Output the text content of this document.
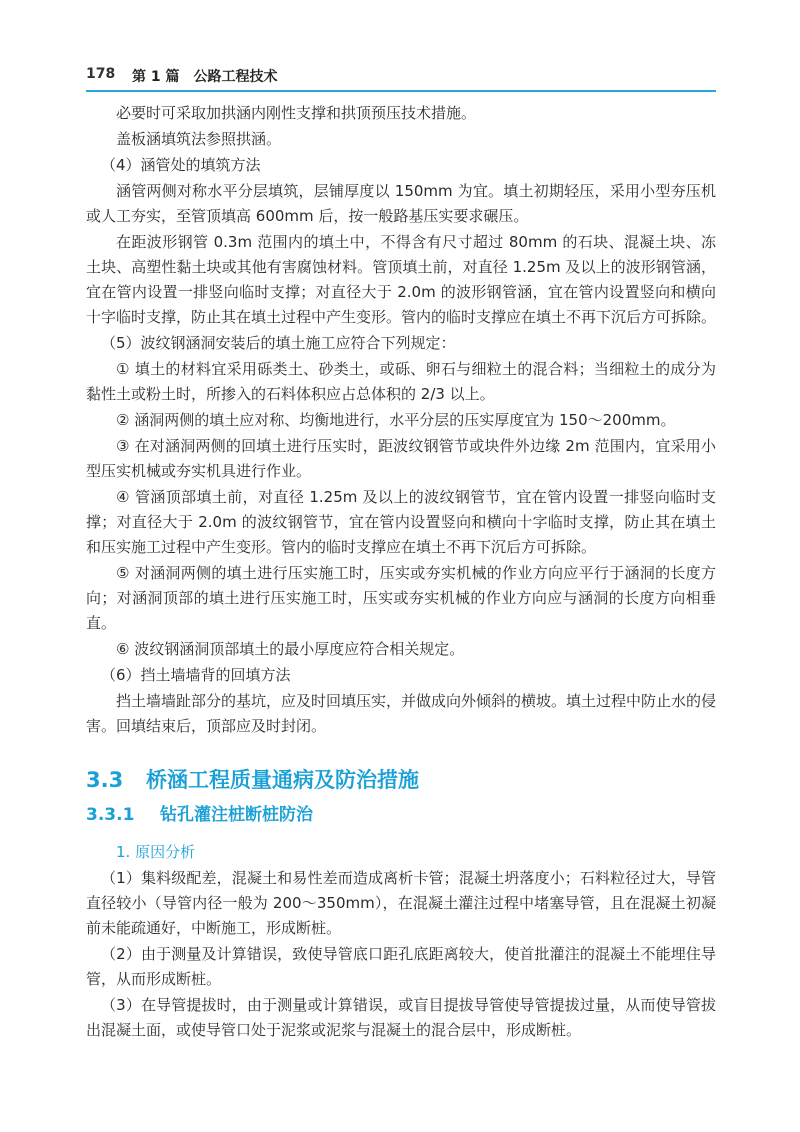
178 第 1 篇　公路工程技术

必要时可采取加拱涵内刚性支撑和拱顶预压技术措施。

盖板涵填筑法参照拱涵。

（4）涵管处的填筑方法

涵管两侧对称水平分层填筑，层铺厚度以 150mm 为宜。填土初期轻压，采用小型夯压机或人工夯实，至管顶填高 600mm 后，按一般路基压实要求碾压。

在距波形钢管 0.3m 范围内的填土中，不得含有尺寸超过 80mm 的石块、混凝土块、冻土块、高塑性黏土块或其他有害腐蚀材料。管顶填土前，对直径 1.25m 及以上的波形钢管涵，宜在管内设置一排竖向临时支撑；对直径大于 2.0m 的波形钢管涵，宜在管内设置竖向和横向十字临时支撑，防止其在填土过程中产生变形。管内的临时支撑应在填土不再下沉后方可拆除。

（5）波纹钢涵洞安装后的填土施工应符合下列规定：

① 填土的材料宜采用砾类土、砂类土，或砾、卵石与细粒土的混合料；当细粒土的成分为黏性土或粉土时，所掺入的石料体积应占总体积的 2/3 以上。

② 涵洞两侧的填土应对称、均衡地进行，水平分层的压实厚度宜为 150～200mm。

③ 在对涵洞两侧的回填土进行压实时，距波纹钢管节或块件外边缘 2m 范围内，宜采用小型压实机械或夯实机具进行作业。

④ 管涵顶部填土前，对直径 1.25m 及以上的波纹钢管节，宜在管内设置一排竖向临时支撑；对直径大于 2.0m 的波纹钢管节，宜在管内设置竖向和横向十字临时支撑，防止其在填土和压实施工过程中产生变形。管内的临时支撑应在填土不再下沉后方可拆除。

⑤ 对涵洞两侧的填土进行压实施工时，压实或夯实机械的作业方向应平行于涵洞的长度方向；对涵洞顶部的填土进行压实施工时，压实或夯实机械的作业方向应与涵洞的长度方向相垂直。

⑥ 波纹钢涵洞顶部填土的最小厚度应符合相关规定。

（6）挡土墙墙背的回填方法

挡土墙墙趾部分的基坑，应及时回填压实，并做成向外倾斜的横坡。填土过程中防止水的侵害。回填结束后，顶部应及时封闭。

3.3 桥涵工程质量通病及防治措施
3.3.1 钻孔灌注桩断桩防治
1. 原因分析

（1）集料级配差，混凝土和易性差而造成离析卡管；混凝土坍落度小；石料粒径过大，导管直径较小（导管内径一般为 200～350mm），在混凝土灌注过程中堵塞导管，且在混凝土初凝前未能疏通好，中断施工，形成断桩。

（2）由于测量及计算错误，致使导管底口距孔底距离较大，使首批灌注的混凝土不能埋住导管，从而形成断桩。

（3）在导管提拔时，由于测量或计算错误，或盲目提拔导管使导管提拔过量，从而使导管拔出混凝土面，或使导管口处于泥浆或泥浆与混凝土的混合层中，形成断桩。
